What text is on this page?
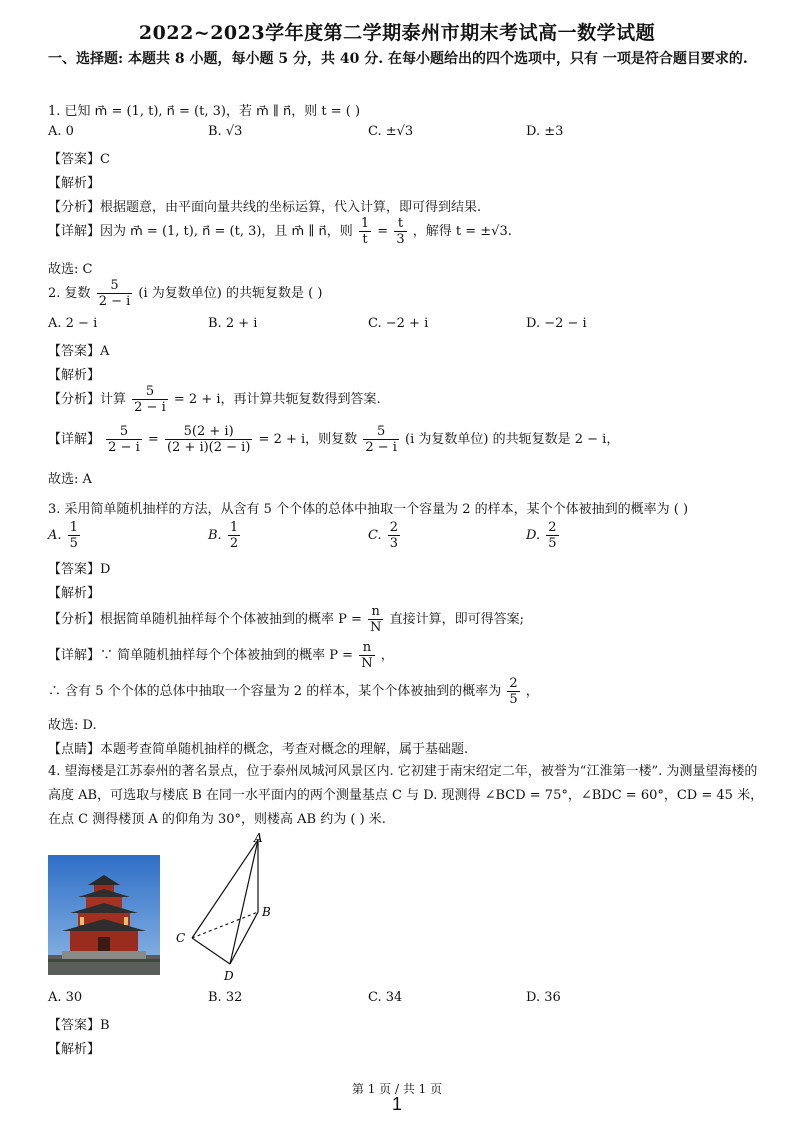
2022~2023学年度第二学期泰州市期末考试高一数学试题
一、选择题: 本题共 8 小题，每小题 5 分，共 40 分. 在每小题给出的四个选项中，只有 一项是符合题目要求的.
1. 已知 m⃗ = (1, t), n⃗ = (t, 3)，若 m⃗ ∥ n⃗，则 t = ( )
A. 0	B. √3	C. ±√3	D. ±3
【答案】C
【解析】
【分析】根据题意，由平面向量共线的坐标运算，代入计算，即可得到结果.
【详解】因为 m⃗ = (1, t), n⃗ = (t, 3)，且 m⃗ ∥ n⃗，则 $\frac{1}{t} = \frac{t}{3}$ ，解得 t = ±√3.
故选: C
2. 复数 $\frac{5}{2 - i} (i$ 为复数单位) 的共轭复数是 ( )
A. 2 − i	B. 2 + i	C. −2 + i	D. −2 − i
【答案】A
【解析】
【分析】计算 $\frac{5}{2 - i} = 2 + i$，再计算共轭复数得到答案.
【详解】 $\frac{5}{2 - i} = \frac{5(2 + i)}{(2 + i)(2 - i)} = 2 + i$，则复数 $\frac{5}{2 - i} (i$ 为复数单位) 的共轭复数是 2 − i，
故选: A
3. 采用简单随机抽样的方法，从含有 5 个个体的总体中抽取一个容量为 2 的样本，某个个体被抽到的概率为 ( )
A. $\frac{1}{5}$	B. $\frac{1}{2}$	C. $\frac{2}{3}$	D. $\frac{2}{5}$
【答案】D
【解析】
【分析】根据简单随机抽样每个个体被抽到的概率 $P = \frac{n}{N}$ 直接计算，即可得答案;
【详解】∵ 简单随机抽样每个个体被抽到的概率 $P = \frac{n}{N}$ ，
∴ 含有 5 个个体的总体中抽取一个容量为 2 的样本，某个个体被抽到的概率为 $\frac{2}{5}$ ，
故选: D.
【点睛】本题考查简单随机抽样的概念，考查对概念的理解，属于基础题.
4. 望海楼是江苏泰州的著名景点，位于泰州凤城河风景区内. 它初建于南宋绍定二年，被誉为“江淮第一楼”. 为测量望海楼的高度 AB，可选取与楼底 B 在同一水平面内的两个测量基点 C 与 D. 现测得 ∠BCD = 75°，∠BDC = 60°，CD = 45 米，在点 C 测得楼顶 A 的仰角为 30°，则楼高 AB 约为 ( ) 米.
A
B
C
D
A. 30	B. 32	C. 34	D. 36
【答案】B
【解析】
第 1 页 / 共 1 页
1
